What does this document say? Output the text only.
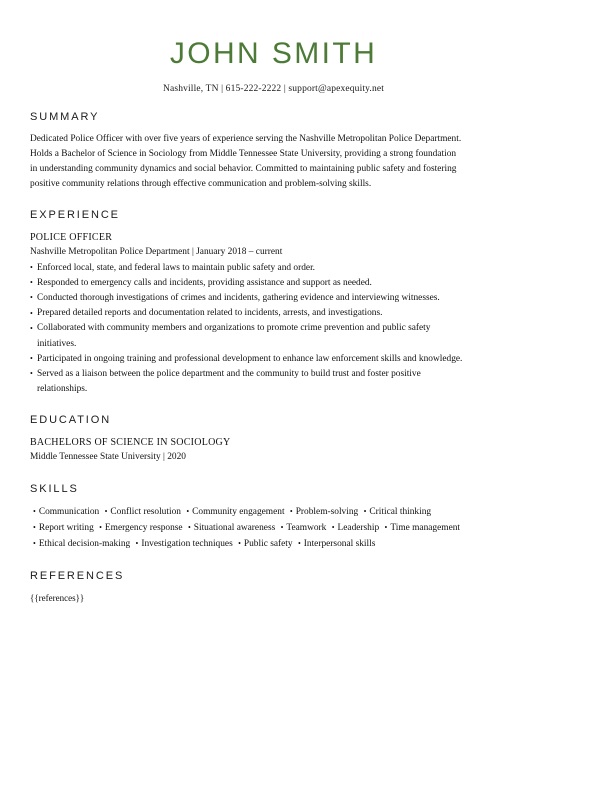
JOHN SMITH
Nashville, TN | 615-222-2222 | support@apexequity.net
SUMMARY

Dedicated Police Officer with over five years of experience serving the Nashville Metropolitan Police Department. Holds a Bachelor of Science in Sociology from Middle Tennessee State University, providing a strong foundation in understanding community dynamics and social behavior. Committed to maintaining public safety and fostering positive community relations through effective communication and problem-solving skills.

EXPERIENCE
POLICE OFFICER
Nashville Metropolitan Police Department | January 2018 – current
• Enforced local, state, and federal laws to maintain public safety and order.
• Responded to emergency calls and incidents, providing assistance and support as needed.
• Conducted thorough investigations of crimes and incidents, gathering evidence and interviewing witnesses.
• Prepared detailed reports and documentation related to incidents, arrests, and investigations.
• Collaborated with community members and organizations to promote crime prevention and public safety initiatives.
• Participated in ongoing training and professional development to enhance law enforcement skills and knowledge.
• Served as a liaison between the police department and the community to build trust and foster positive relationships.
EDUCATION
BACHELORS OF SCIENCE IN SOCIOLOGY
Middle Tennessee State University | 2020
SKILLS
• Communication • Conflict resolution • Community engagement • Problem-solving • Critical thinking • Report writing • Emergency response • Situational awareness • Teamwork • Leadership • Time management • Ethical decision-making • Investigation techniques • Public safety • Interpersonal skills
REFERENCES

{{references}}
